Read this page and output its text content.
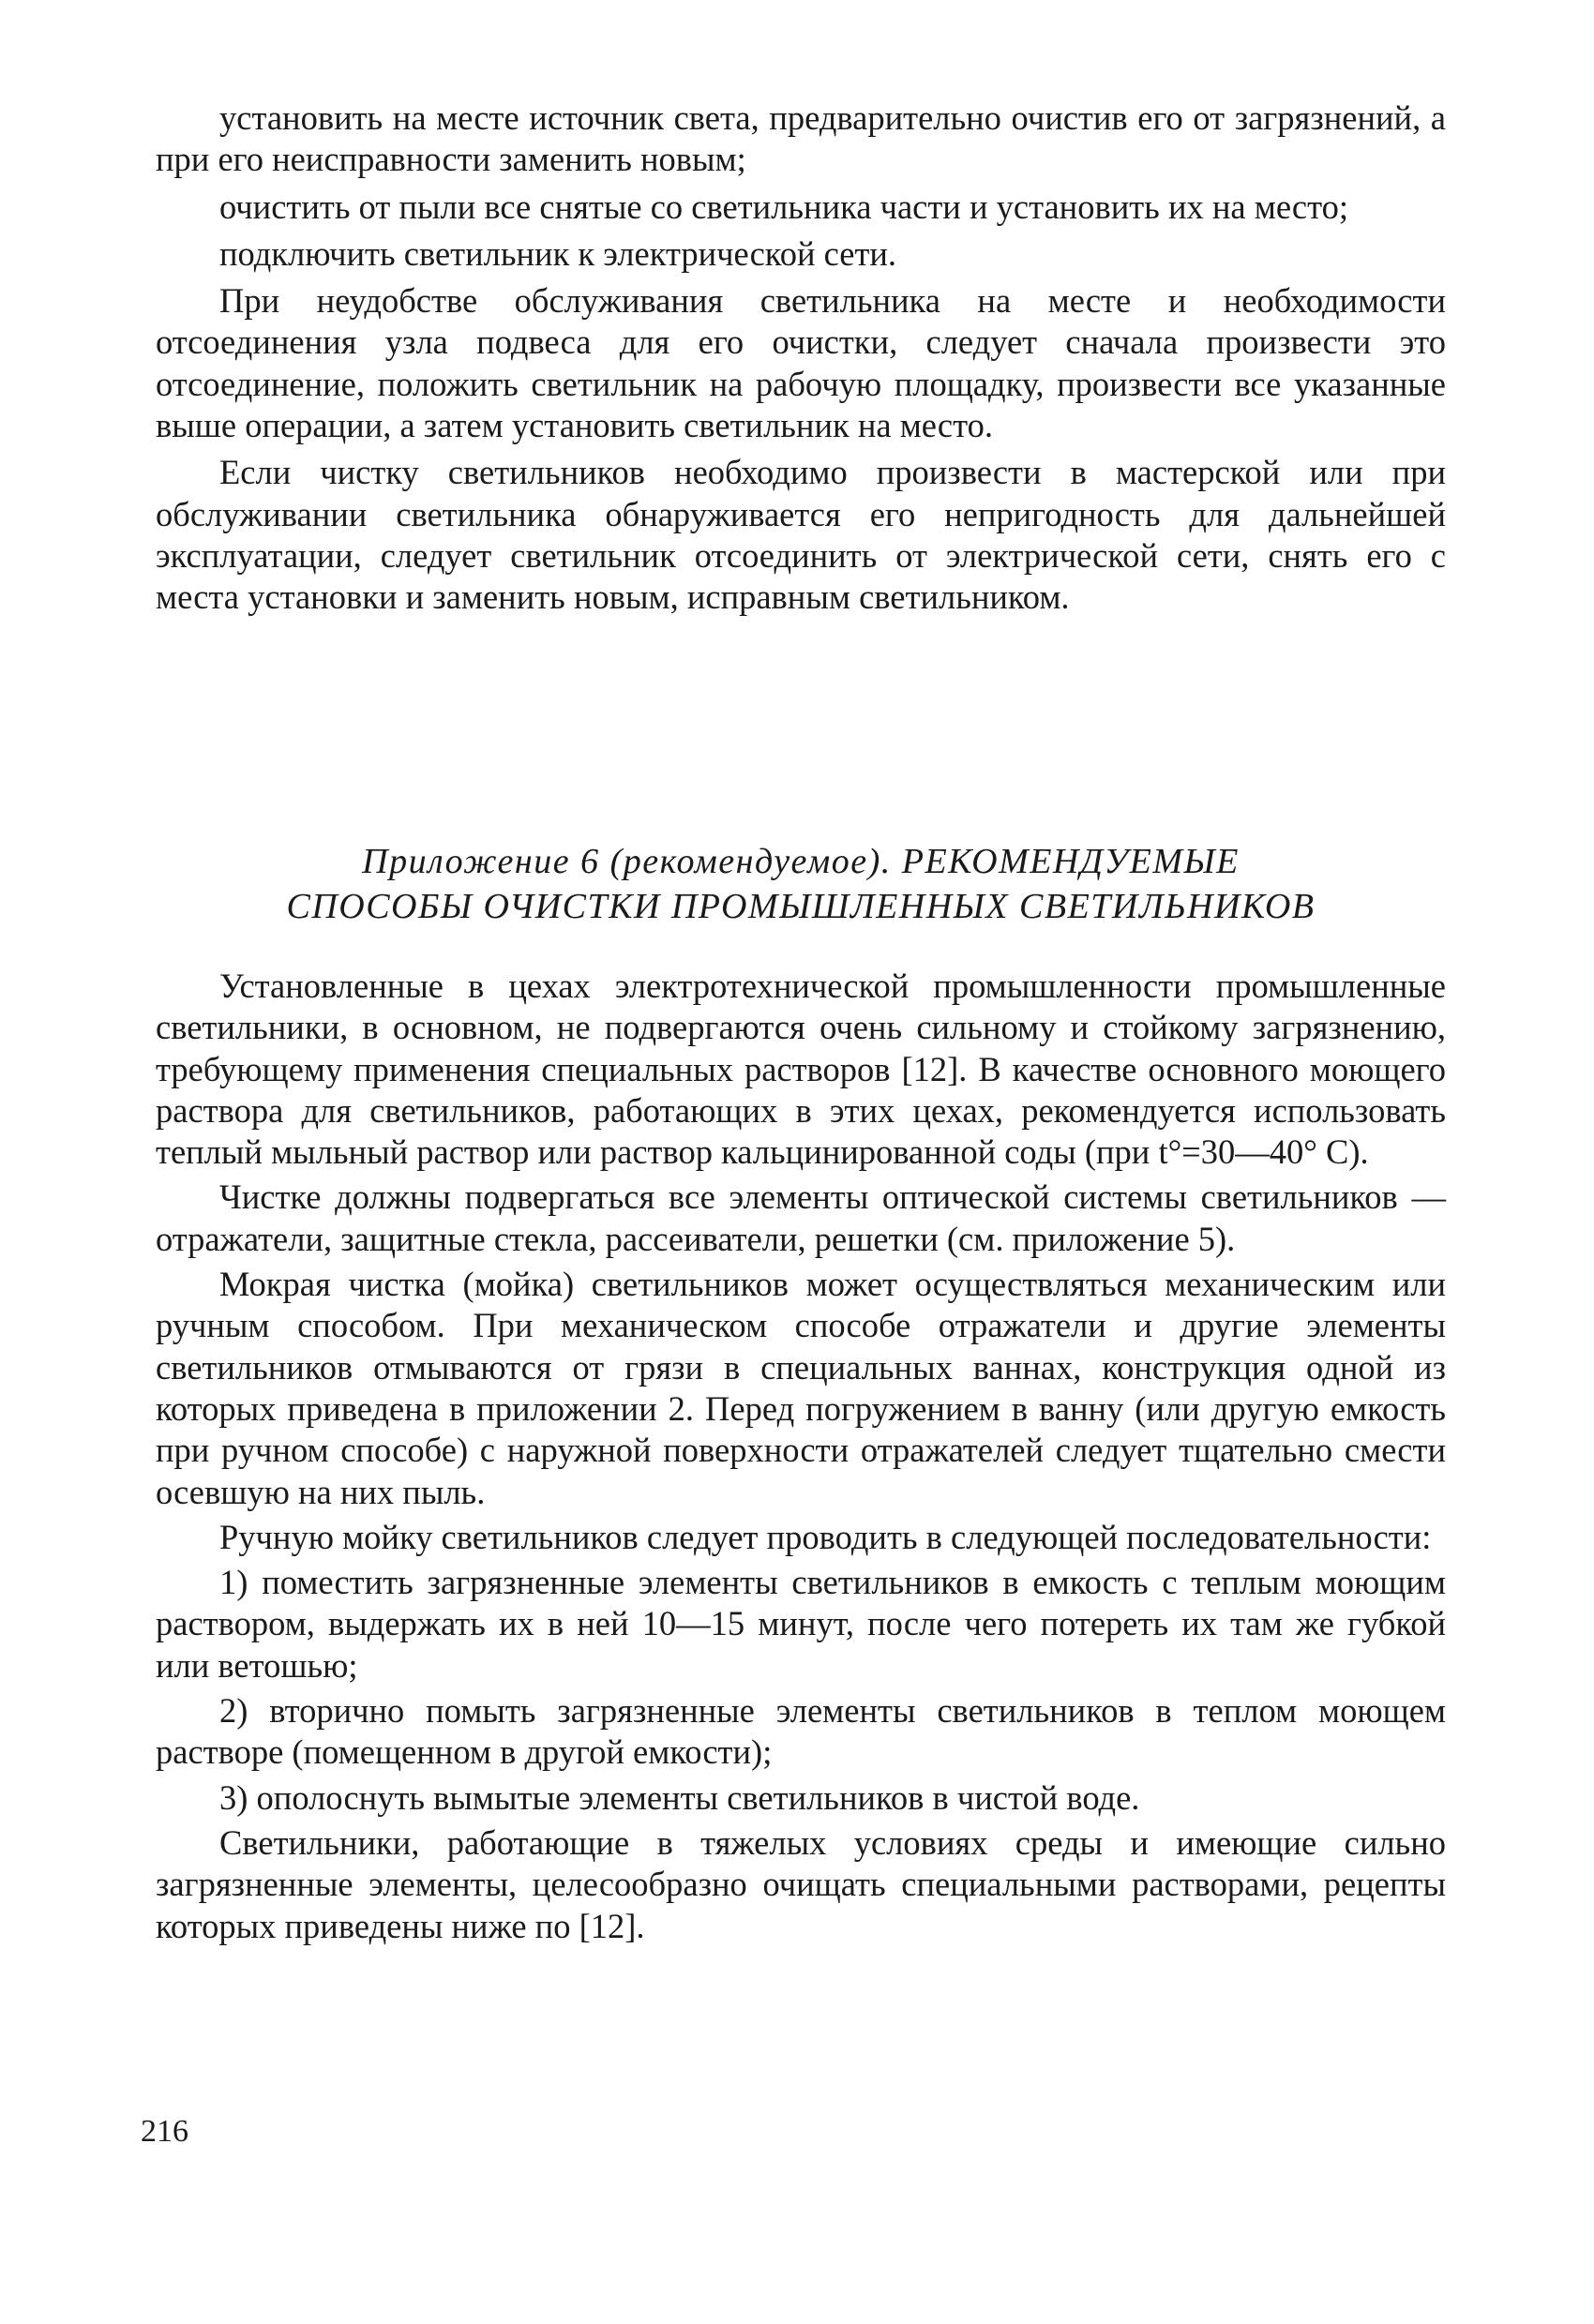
установить на месте источник света, предварительно очистив его от загрязнений, а при его неисправности заменить новым;

очистить от пыли все снятые со светильника части и установить их на место;

подключить светильник к электрической сети.

При неудобстве обслуживания светильника на месте и необходимости отсоединения узла подвеса для его очистки, следует сначала произвести это отсоединение, положить светильник на рабочую площадку, произвести все указанные выше операции, а затем установить светильник на место.

Если чистку светильников необходимо произвести в мастерской или при обслуживании светильника обнаруживается его непригодность для дальнейшей эксплуатации, следует светильник отсоединить от электрической сети, снять его с места установки и заменить новым, исправным светильником.

Приложение 6 (рекомендуемое). РЕКОМЕНДУЕМЫЕ
СПОСОБЫ ОЧИСТКИ ПРОМЫШЛЕННЫХ СВЕТИЛЬНИКОВ

Установленные в цехах электротехнической промышленности промышленные светильники, в основном, не подвергаются очень сильному и стойкому загрязнению, требующему применения специальных растворов [12]. В качестве основного моющего раствора для светильников, работающих в этих цехах, рекомендуется использовать теплый мыльный раствор или раствор кальцинированной соды (при t°=30—40° С).

Чистке должны подвергаться все элементы оптической системы светильников — отражатели, защитные стекла, рассеиватели, решетки (см. приложение 5).

Мокрая чистка (мойка) светильников может осуществляться механическим или ручным способом. При механическом способе отражатели и другие элементы светильников отмываются от грязи в специальных ваннах, конструкция одной из которых приведена в приложении 2. Перед погружением в ванну (или другую емкость при ручном способе) с наружной поверхности отражателей следует тщательно смести осевшую на них пыль.

Ручную мойку светильников следует проводить в следующей последовательности:

1) поместить загрязненные элементы светильников в емкость с теплым моющим раствором, выдержать их в ней 10—15 минут, после чего потереть их там же губкой или ветошью;

2) вторично помыть загрязненные элементы светильников в теплом моющем растворе (помещенном в другой емкости);

3) ополоснуть вымытые элементы светильников в чистой воде.

Светильники, работающие в тяжелых условиях среды и имеющие сильно загрязненные элементы, целесообразно очищать специальными растворами, рецепты которых приведены ниже по [12].

216
